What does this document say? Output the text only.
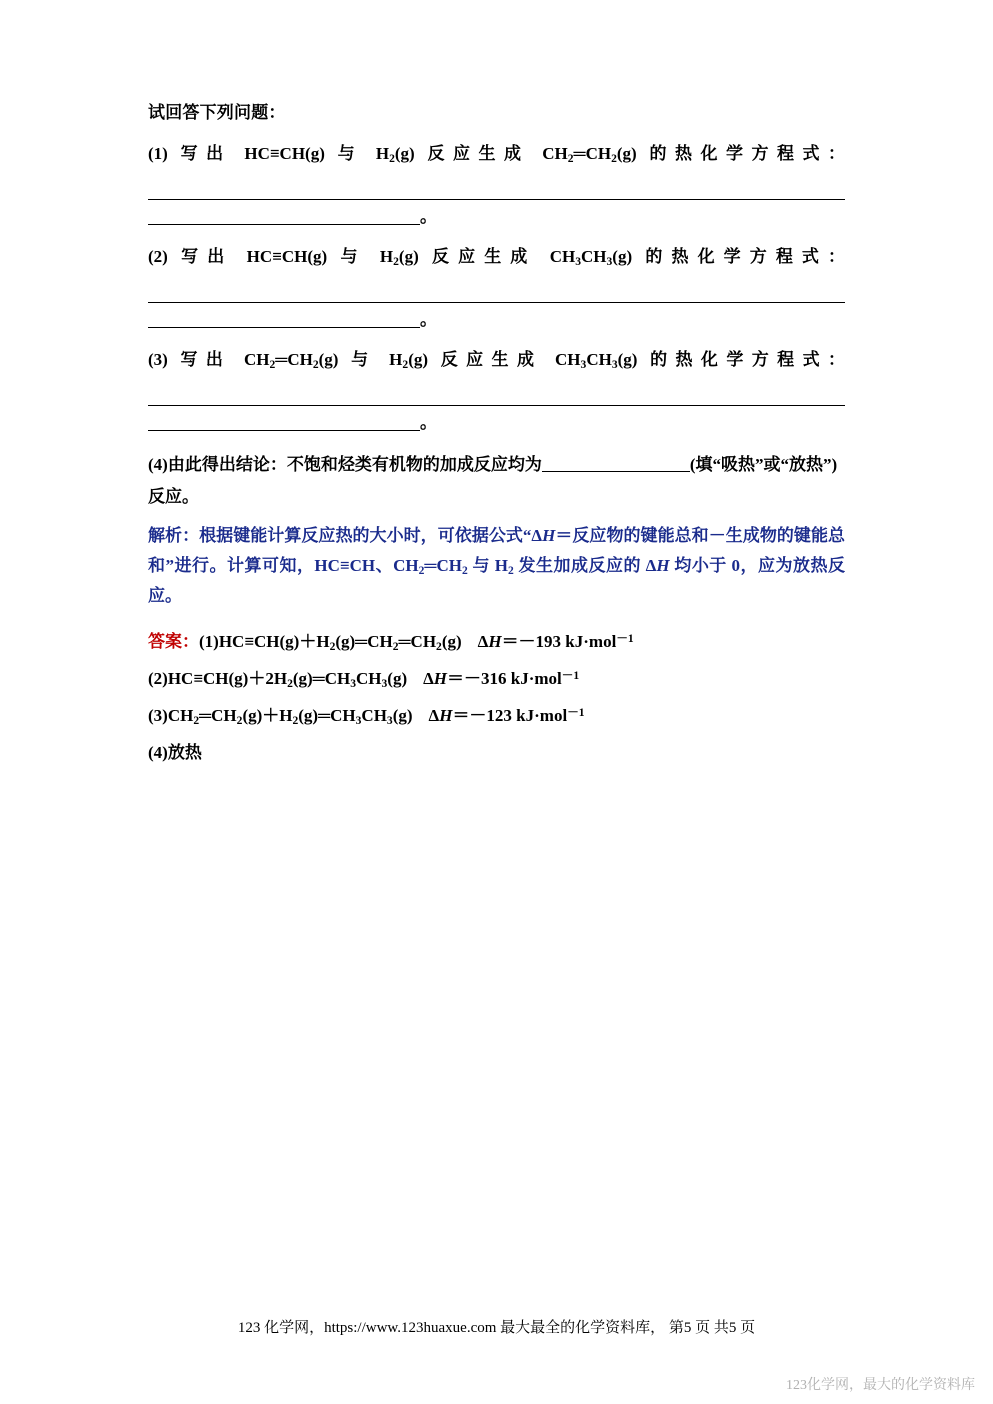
试回答下列问题：

(1) 写出 HC≡CH(g) 与 $H_2(g)$ 反应生成 $CH_2═CH_2(g)$ 的热化学方程式：

。

(2) 写出 HC≡CH(g) 与 $H_2(g)$ 反应生成 $CH_3CH_3(g)$ 的热化学方程式：

。

(3) 写出 $CH_2═CH_2(g)$ 与 $H_2(g)$ 反应生成 $CH_3CH_3(g)$ 的热化学方程式：

。

(4)由此得出结论：不饱和烃类有机物的加成反应均为	(填“吸热”或“放热”)反应。

解析：根据键能计算反应热的大小时，可依据公式“ΔH＝反应物的键能总和－生成物的键能总和”进行。计算可知，HC≡CH、$CH_2═CH_2$ 与 $H_2$ 发生加成反应的 ΔH 均小于 0，应为放热反应。

答案：$(1)HC\equiv CH(g)+H_2(g)═CH_2═CH_2(g)$ ΔH＝－193 kJ·mol$^{-1}$

$(2)HC\equiv CH(g)+2H_2(g)═CH_3CH_3(g)$ ΔH＝－316 kJ·mol$^{-1}$

$(3)CH_2═CH_2(g)+H_2(g)═CH_3CH_3(g)$ ΔH＝－123 kJ·mol$^{-1}$

(4)放热

123 化学网，https://www.123huaxue.com 最大最全的化学资料库， 第5 页 共5 页
123化学网，最大的化学资料库
